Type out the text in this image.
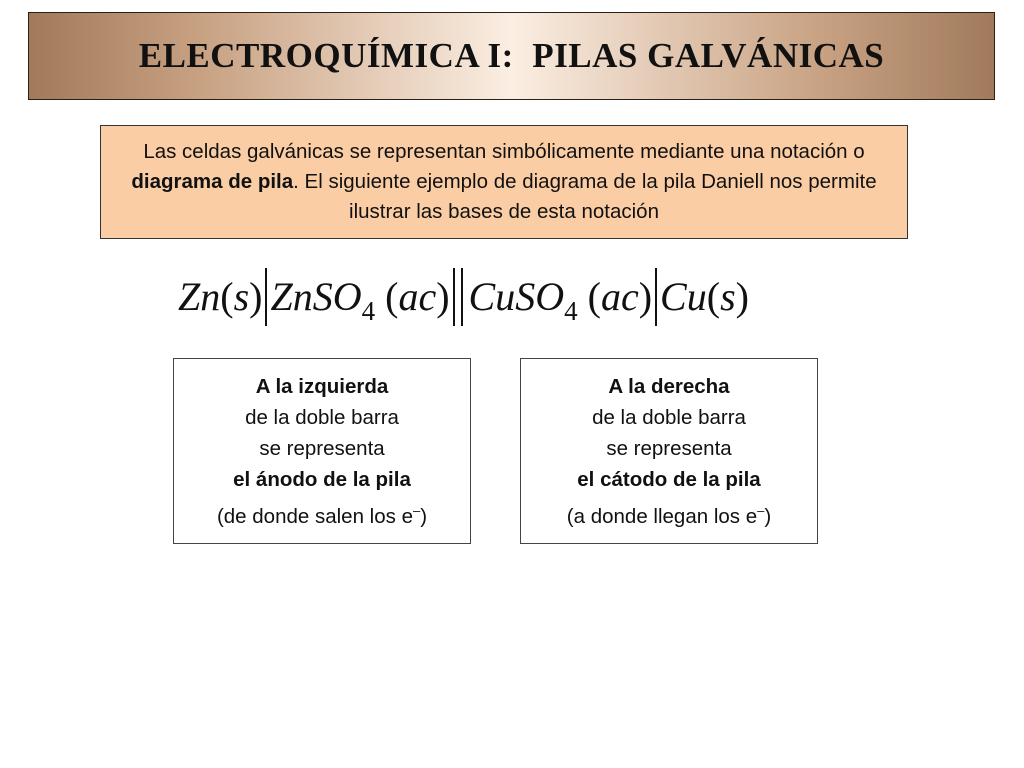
ELECTROQUÍMICA I:  PILAS GALVÁNICAS
Las celdas galvánicas se representan simbólicamente mediante una notación o diagrama de pila. El siguiente ejemplo de diagrama de la pila Daniell nos permite ilustrar las bases de esta notación
Zn(s) ZnSO$_4$ (ac) CuSO$_4$ (ac) Cu(s)
A la izquierda
de la doble barra
se representa
el ánodo de la pila
(de donde salen los e–)
A la derecha
de la doble barra
se representa
el cátodo de la pila
(a donde llegan los e–)
